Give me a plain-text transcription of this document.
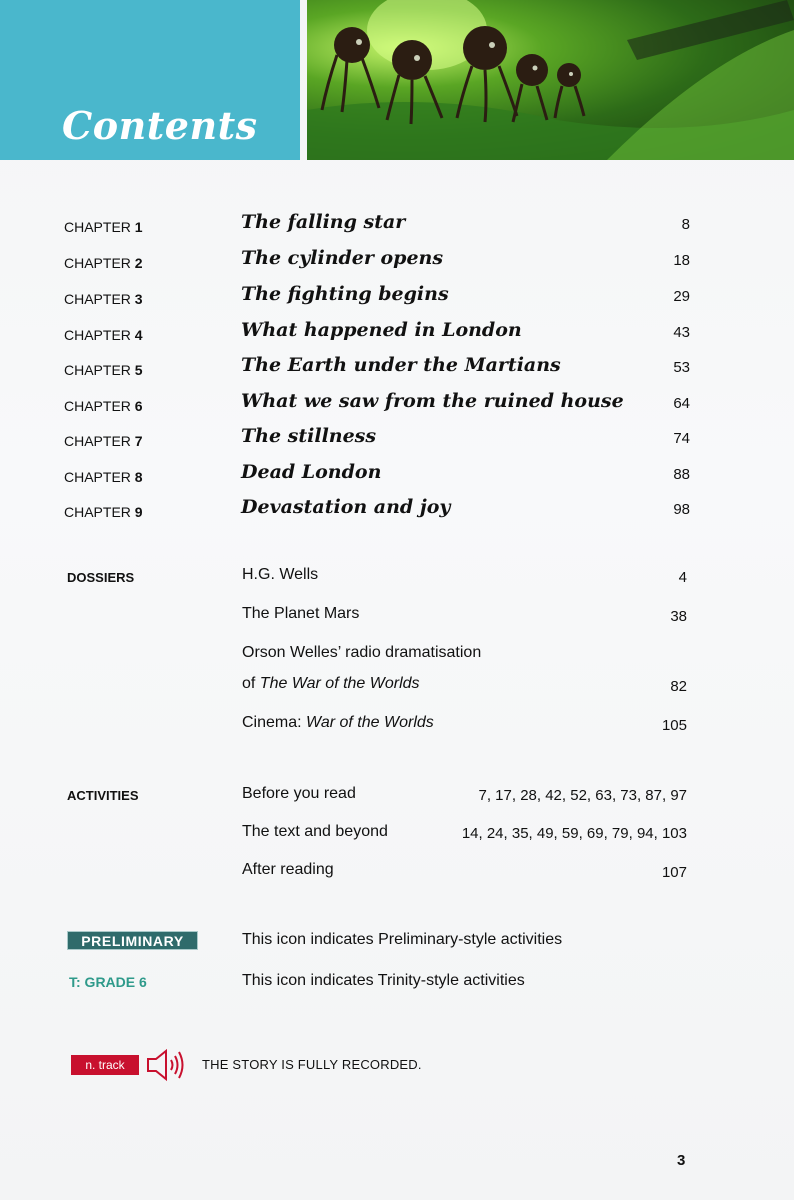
Contents
CHAPTER 1	The falling star	8
CHAPTER 2	The cylinder opens	18
CHAPTER 3	The fighting begins	29
CHAPTER 4	What happened in London	43
CHAPTER 5	The Earth under the Martians	53
CHAPTER 6	What we saw from the ruined house	64
CHAPTER 7	The stillness	74
CHAPTER 8	Dead London	88
CHAPTER 9	Devastation and joy	98
DOSSIERS	H.G. Wells	4
The Planet Mars	38
Orson Welles’ radio dramatisation
of The War of the Worlds	82
Cinema: War of the Worlds	105
ACTIVITIES	Before you read	7, 17, 28, 42, 52, 63, 73, 87, 97
The text and beyond	14, 24, 35, 49, 59, 69, 79, 94, 103
After reading	107
PRELIMINARY	This icon indicates Preliminary-style activities
T: GRADE 6	This icon indicates Trinity-style activities
n. track	THE STORY IS FULLY RECORDED.
3
